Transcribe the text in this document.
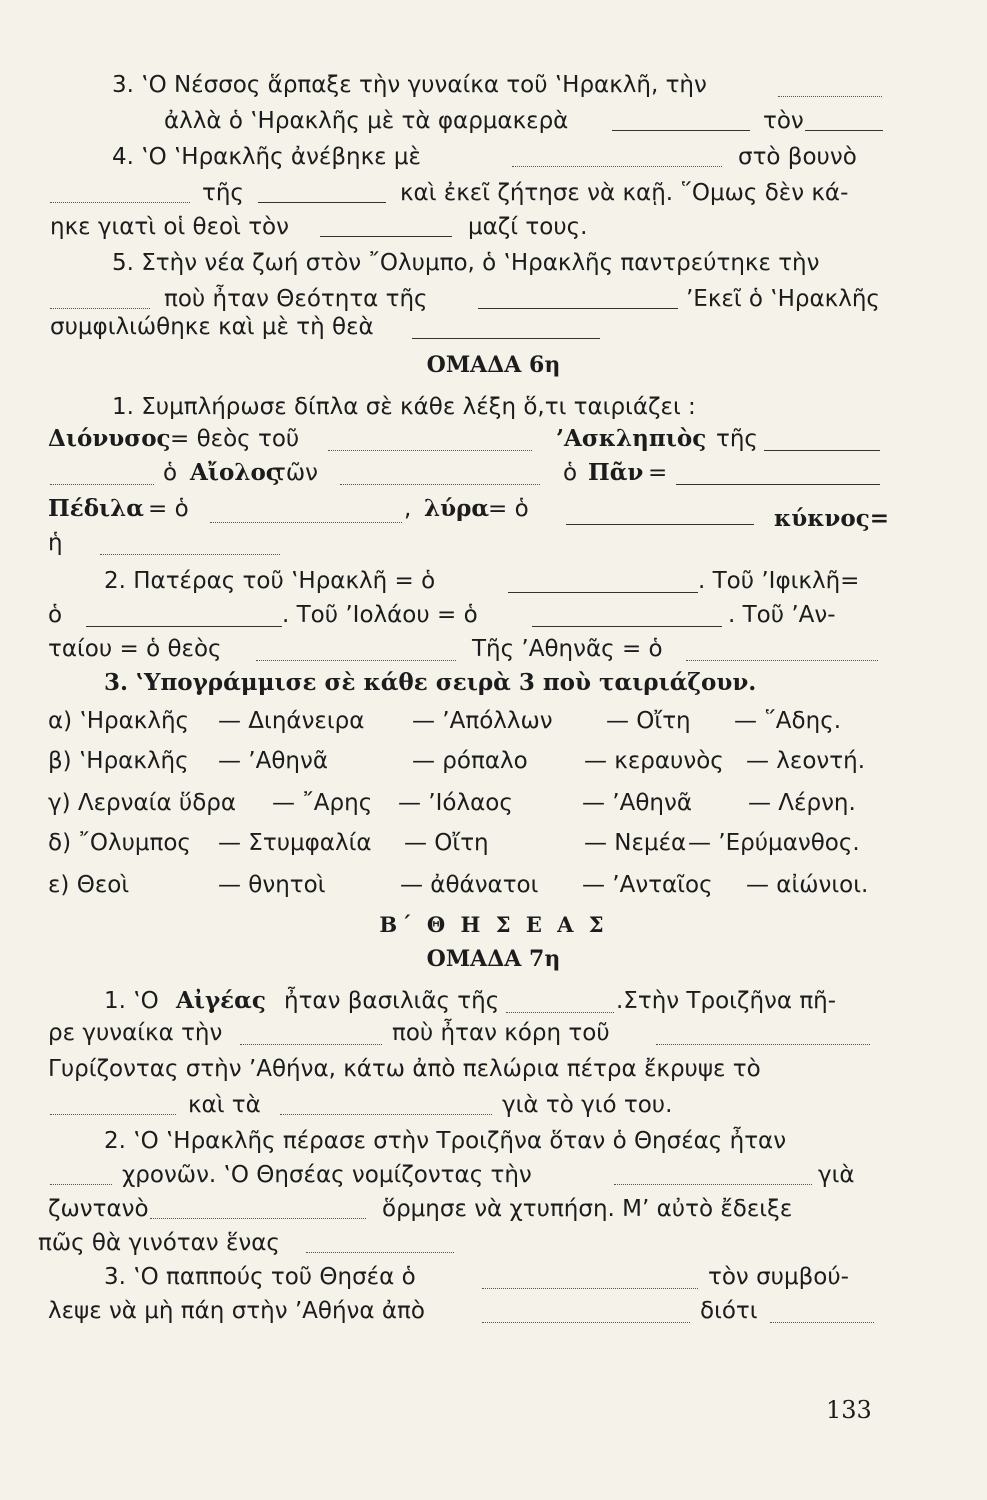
3. ‛Ο Νέσσος ἅρπαξε τὴν γυναίκα τοῦ ‛Ηρακλῆ, τὴν
ἀλλὰ ὁ ‛Ηρακλῆς μὲ τὰ φαρμακερὰ	τὸν
4. ‛Ο ‛Ηρακλῆς ἀνέβηκε μὲ	στὸ βουνὸ
τῆς	καὶ ἐκεῖ ζήτησε νὰ καῇ. ῞Ομως δὲν κά-
ηκε γιατὶ οἱ θεοὶ τὸν	μαζί τους.
5. Στὴν νέα ζωή στὸν ῎Ολυμπο, ὁ ‛Ηρακλῆς παντρεύτηκε τὴν
ποὺ ἦταν Θεότητα τῆς	’Εκεῖ ὁ ‛Ηρακλῆς
συμφιλιώθηκε καὶ μὲ τὴ θεὰ
ΟΜΑΔΑ 6η
1. Συμπλήρωσε δίπλα σὲ κάθε λέξη ὅ,τι ταιριάζει :
Διόνυσος = θεὸς τοῦ	’Ασκληπιὸς τῆς
ὁ Αἴολος
τῶν	ὁ Πᾶν =
Πέδιλα = ὁ	, λύρα
= ὁ	κύκνος=
ἡ
2. Πατέρας τοῦ ‛Ηρακλῆ = ὁ	. Τοῦ ’Ιφικλῆ=
ὁ	. Τοῦ ’Ιολάου = ὁ	. Τοῦ ’Αν-
ταίου = ὁ θεὸς	Τῆς ’Αθηνᾶς = ὁ
3. ‛Υπογράμμισε σὲ κάθε σειρὰ 3 ποὺ ταιριάζουν.
α) ‛Ηρακλῆς — Διηάνειρα — ’Απόλλων — Οἴτη — ῞Αδης.
β) ‛Ηρακλῆς — ’Αθηνᾶ	— ρόπαλο — κεραυνὸς — λεοντή.
γ) Λερναία ὕδρα — ῎Αρης — ’Ιόλαος	— ’Αθηνᾶ — Λέρνη.
δ) ῎Ολυμπος — Στυμφαλία — Οἴτη	— Νεμέα — ’Ερύμανθος.
ε) Θεοὶ	— θνητοὶ	— ἀθάνατοι — ’Ανταῖος — αἰώνιοι.
Β΄ Θ Η Σ Ε Α Σ
ΟΜΑΔΑ 7η
1. ‛Ο Αἰγέας ἦταν βασιλιᾶς τῆς	.Στὴν Τροιζῆνα πῆ-
ρε γυναίκα τὴν	ποὺ ἦταν κόρη τοῦ
Γυρίζοντας στὴν ’Αθήνα, κάτω ἀπὸ πελώρια πέτρα ἔκρυψε τὸ
καὶ τὰ	γιὰ τὸ γιό του.
2. ‛Ο ‛Ηρακλῆς πέρασε στὴν Τροιζῆνα ὅταν ὁ Θησέας ἦταν
χρονῶν. ‛Ο Θησέας νομίζοντας τὴν	γιὰ
ζωντανὸ	ὅρμησε νὰ χτυπήση. Μ’ αὐτὸ ἔδειξε
πῶς θὰ γινόταν ἕνας
3. ‛Ο παππούς τοῦ Θησέα ὁ	τὸν συμβού-
λεψε νὰ μὴ πάη στὴν ’Αθήνα ἀπὸ	διότι
133
